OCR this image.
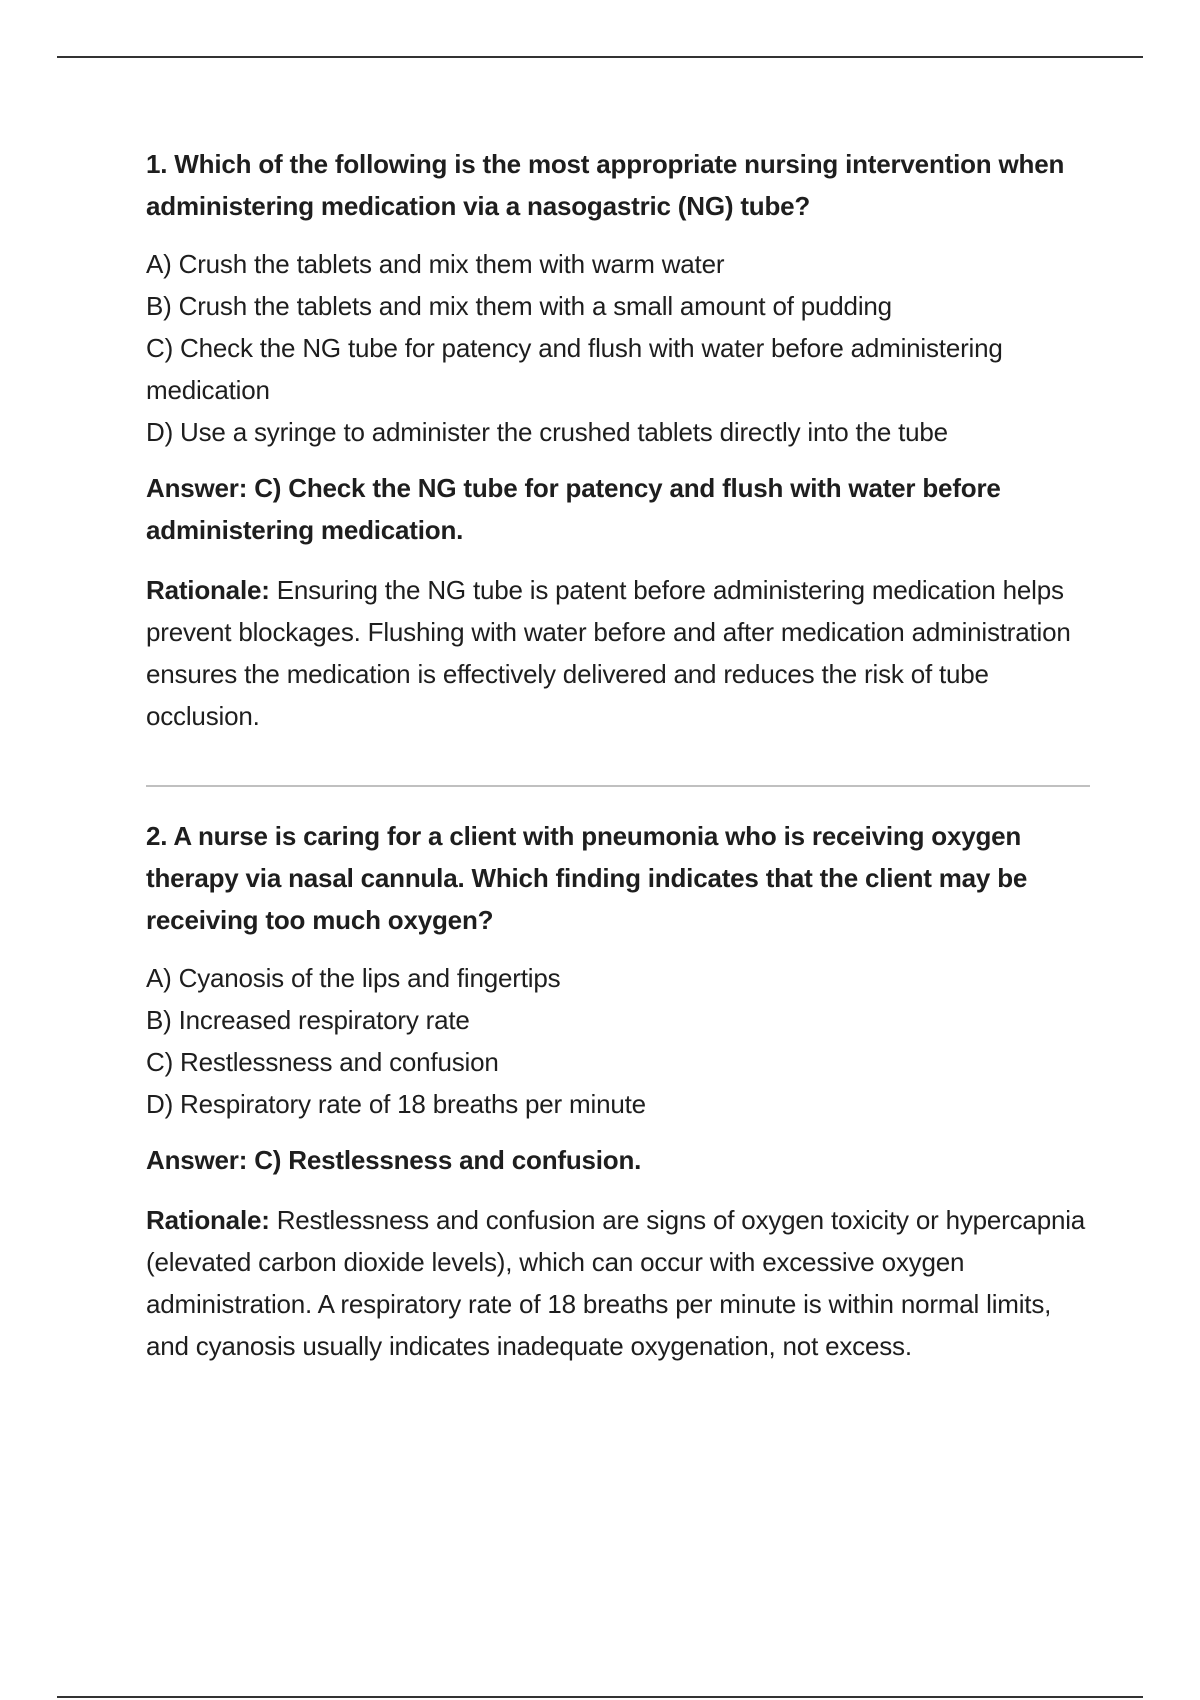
1. Which of the following is the most appropriate nursing intervention when administering medication via a nasogastric (NG) tube?

A) Crush the tablets and mix them with warm water
B) Crush the tablets and mix them with a small amount of pudding
C) Check the NG tube for patency and flush with water before administering medication
D) Use a syringe to administer the crushed tablets directly into the tube

Answer: C) Check the NG tube for patency and flush with water before administering medication.

Rationale: Ensuring the NG tube is patent before administering medication helps prevent blockages. Flushing with water before and after medication administration ensures the medication is effectively delivered and reduces the risk of tube occlusion.

2. A nurse is caring for a client with pneumonia who is receiving oxygen therapy via nasal cannula. Which finding indicates that the client may be receiving too much oxygen?

A) Cyanosis of the lips and fingertips
B) Increased respiratory rate
C) Restlessness and confusion
D) Respiratory rate of 18 breaths per minute

Answer: C) Restlessness and confusion.

Rationale: Restlessness and confusion are signs of oxygen toxicity or hypercapnia (elevated carbon dioxide levels), which can occur with excessive oxygen administration. A respiratory rate of 18 breaths per minute is within normal limits, and cyanosis usually indicates inadequate oxygenation, not excess.
